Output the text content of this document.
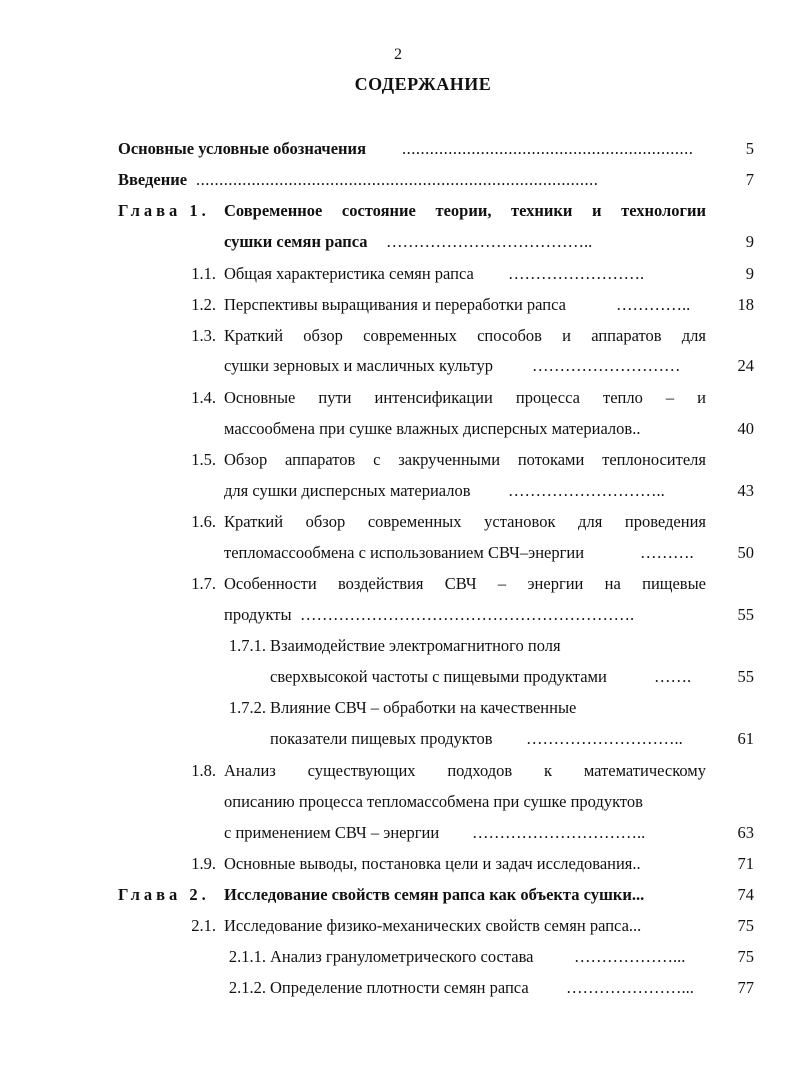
2
СОДЕРЖАНИЕ
Основные условные обозначения ...............................................................	5
Введение .......................................................................................	7
Глава 1. Современное состояние теории, техники и технологии
сушки семян рапса ………………………………..	9
1.1. Общая характеристика семян рапса …………………….	9
1.2. Перспективы выращивания и переработки рапса	…………..	18
1.3. Краткий обзор современных способов и аппаратов для
сушки зерновых и масличных культур ………………………	24
1.4. Основные пути интенсификации процесса тепло – и
массообмена при сушке влажных дисперсных материалов..	40
1.5. Обзор аппаратов с закрученными потоками теплоносителя
для сушки дисперсных материалов ………………………..	43
1.6. Краткий обзор современных установок для проведения
тепломассообмена с использованием СВЧ–энергии	……….	50
1.7. Особенности воздействия СВЧ – энергии на пищевые
продукты …………………………………………………….	55
1.7.1. Взаимодействие электромагнитного поля
сверхвысокой частоты с пищевыми продуктами	…….	55
1.7.2. Влияние СВЧ – обработки на качественные
показатели пищевых продуктов ………………………..	61
1.8. Анализ существующих подходов к математическому
описанию процесса тепломассобмена при сушке продуктов
с применением СВЧ – энергии …………………………..	63
1.9. Основные выводы, постановка цели и задач исследования..	71
Глава 2. Исследование свойств семян рапса как объекта сушки...	74
2.1. Исследование физико-механических свойств семян рапса...	75
2.1.1. Анализ гранулометрического состава ………………...	75
2.1.2. Определение плотности семян рапса …………………...	77
